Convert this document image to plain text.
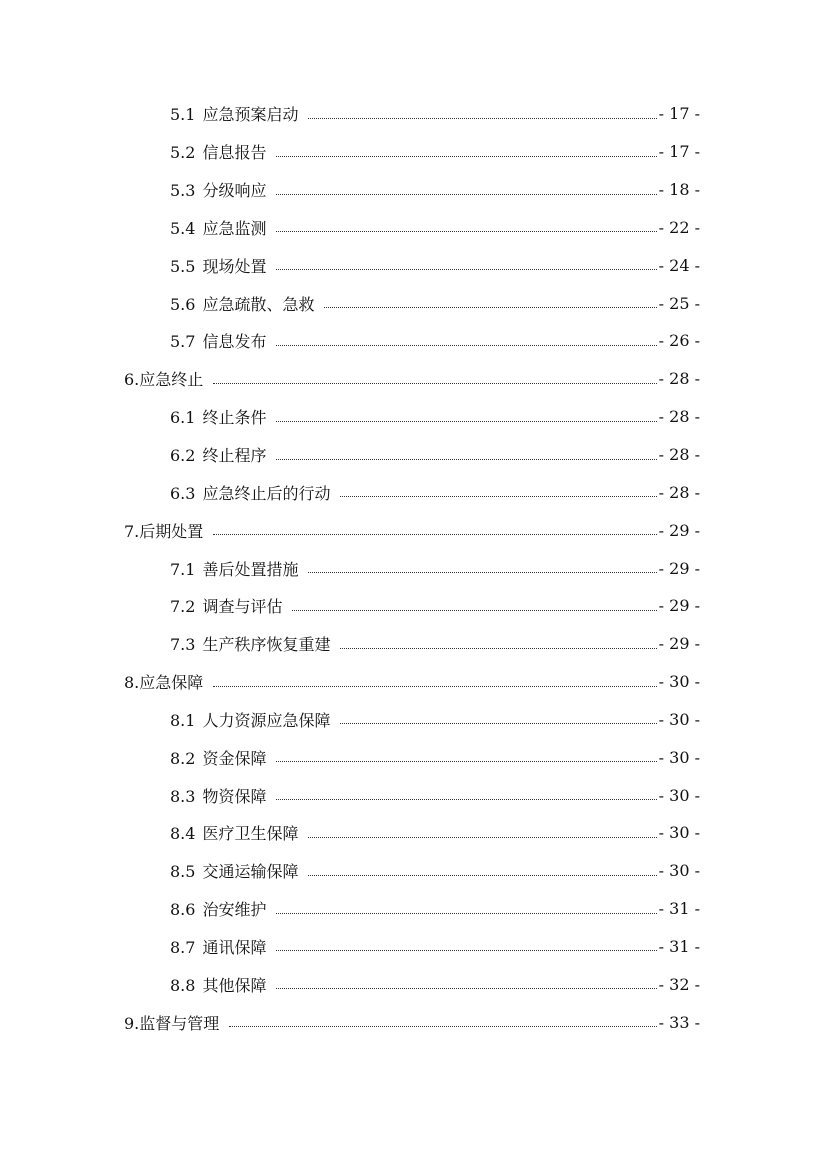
5.1 应急预案启动	- 17 -
5.2 信息报告	- 17 -
5.3 分级响应	- 18 -
5.4 应急监测	- 22 -
5.5 现场处置	- 24 -
5.6 应急疏散、急救	- 25 -
5.7 信息发布	- 26 -
6.应急终止	- 28 -
6.1 终止条件	- 28 -
6.2 终止程序	- 28 -
6.3 应急终止后的行动	- 28 -
7.后期处置	- 29 -
7.1 善后处置措施	- 29 -
7.2 调查与评估	- 29 -
7.3 生产秩序恢复重建	- 29 -
8.应急保障	- 30 -
8.1 人力资源应急保障	- 30 -
8.2 资金保障	- 30 -
8.3 物资保障	- 30 -
8.4 医疗卫生保障	- 30 -
8.5 交通运输保障	- 30 -
8.6 治安维护	- 31 -
8.7 通讯保障	- 31 -
8.8 其他保障	- 32 -
9.监督与管理	- 33 -
